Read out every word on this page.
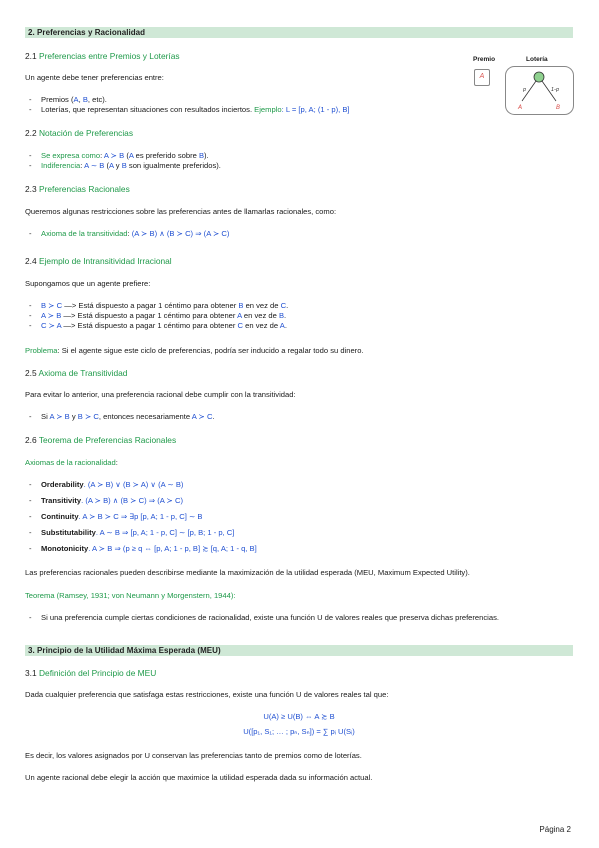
2. Preferencias y Racionalidad
2.1 Preferencias entre Premios y Loterías
Un agente debe tener preferencias entre:
- Premios (A, B, etc).
- Loterías, que representan situaciones con resultados inciertos. Ejemplo: L = [p, A; (1 - p), B]
Premio	Lotería
A
p	1-p
A	B
2.2 Notación de Preferencias
- Se expresa como: A ≻ B (A es preferido sobre B).
- Indiferencia: A ∼ B (A y B son igualmente preferidos).
2.3 Preferencias Racionales
Queremos algunas restricciones sobre las preferencias antes de llamarlas racionales, como:
- Axioma de la transitividad: (A ≻ B) ∧ (B ≻ C) ⇒ (A ≻ C)
2.4 Ejemplo de Intransitividad Irracional
Supongamos que un agente prefiere:
- B ≻ C —> Está dispuesto a pagar 1 céntimo para obtener B en vez de C.
- A ≻ B —> Está dispuesto a pagar 1 céntimo para obtener A en vez de B.
- C ≻ A —> Está dispuesto a pagar 1 céntimo para obtener C en vez de A.
Problema: Si el agente sigue este ciclo de preferencias, podría ser inducido a regalar todo su dinero.
2.5 Axioma de Transitividad
Para evitar lo anterior, una preferencia racional debe cumplir con la transitividad:
- Si A ≻ B y B ≻ C, entonces necesariamente A ≻ C.
2.6 Teorema de Preferencias Racionales
Axiomas de la racionalidad:
- Orderability. (A ≻ B) ∨ (B ≻ A) ∨ (A ∼ B)
- Transitivity. (A ≻ B) ∧ (B ≻ C) ⇒ (A ≻ C)
- Continuity. A ≻ B ≻ C ⇒ ∃p [p, A; 1 - p, C] ∼ B
- Substitutability. A ∼ B ⇒ [p, A; 1 - p, C] ∼ [p, B; 1 - p, C]
- Monotonicity. A ≻ B ⇒ (p ≥ q ⇔ [p, A; 1 - p, B] ≿ [q, A; 1 - q, B]
Las preferencias racionales pueden describirse mediante la maximización de la utilidad esperada (MEU, Maximum Expected Utility).
Teorema (Ramsey, 1931; von Neumann y Morgenstern, 1944):
- Si una preferencia cumple ciertas condiciones de racionalidad, existe una función U de valores reales que preserva dichas preferencias.
3. Principio de la Utilidad Máxima Esperada (MEU)
3.1 Definición del Principio de MEU
Dada cualquier preferencia que satisfaga estas restricciones, existe una función U de valores reales tal que:
U(A) ≥ U(B) ⇔ A ≿ B
U([p₁, S₁; … ; pₙ, Sₙ]) = ∑ pᵢ U(Sᵢ)
Es decir, los valores asignados por U conservan las preferencias tanto de premios como de loterías.
Un agente racional debe elegir la acción que maximice la utilidad esperada dada su información actual.
Página 2
